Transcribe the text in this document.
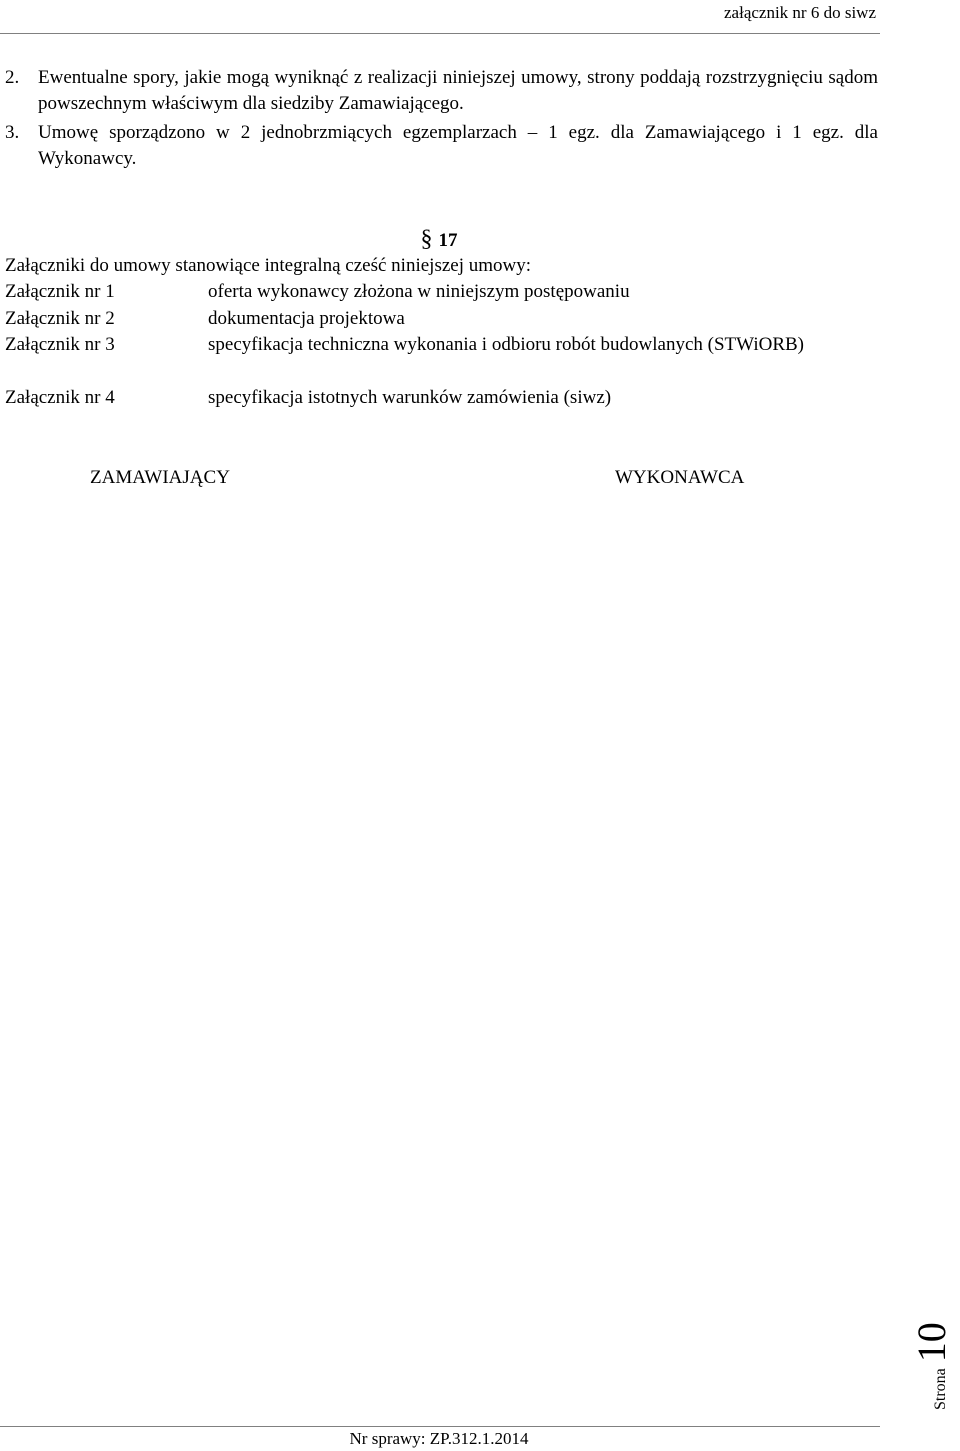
załącznik nr 6 do siwz
2. Ewentualne spory, jakie mogą wyniknąć z realizacji niniejszej umowy, strony poddają rozstrzygnięciu sądom powszechnym właściwym dla siedziby Zamawiającego.
3. Umowę sporządzono w 2 jednobrzmiących egzemplarzach – 1 egz. dla Zamawiającego i 1 egz. dla Wykonawcy.
§ 17
Załączniki do umowy stanowiące integralną cześć niniejszej umowy:
Załącznik nr 1	oferta wykonawcy złożona w niniejszym postępowaniu
Załącznik nr 2	dokumentacja projektowa
Załącznik nr 3	specyfikacja techniczna wykonania i odbioru robót budowlanych (STWiORB)
Załącznik nr 4	specyfikacja istotnych warunków zamówienia (siwz)
ZAMAWIAJĄCY	WYKONAWCA
Strona10
Nr sprawy: ZP.312.1.2014
